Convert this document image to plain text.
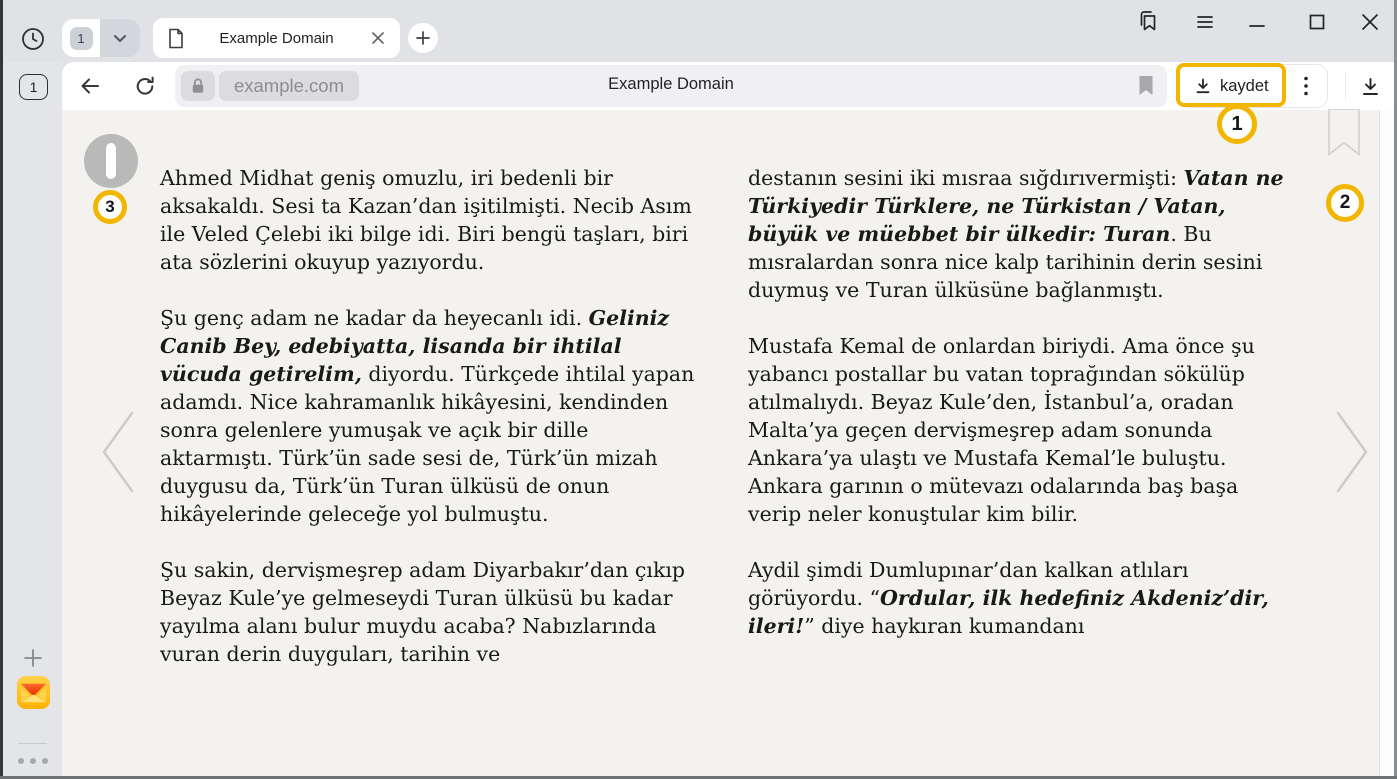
1	Example Domain
1	example.com	Example Domain	kaydet
3

Ahmed Midhat geniş omuzlu, iri bedenli bir aksakaldı. Sesi ta Kazan’dan işitilmişti. Necib Asım ile Veled Çelebi iki bilge idi. Biri bengü taşları, biri ata sözlerini okuyup yazıyordu.

Şu genç adam ne kadar da heyecanlı idi. Geliniz Canib Bey, edebiyatta, lisanda bir ihtilal vücuda getirelim, diyordu. Türkçede ihtilal yapan adamdı. Nice kahramanlık hikâyesini, kendinden sonra gelenlere yumuşak ve açık bir dille aktarmıştı. Türk’ün sade sesi de, Türk’ün mizah duygusu da, Türk’ün Turan ülküsü de onun hikâyelerinde geleceğe yol bulmuştu.

Şu sakin, dervişmeşrep adam Diyarbakır’dan çıkıp Beyaz Kule’ye gelmeseydi Turan ülküsü bu kadar yayılma alanı bulur muydu acaba? Nabızlarında vuran derin duyguları, tarihin ve

destanın sesini iki mısraa sığdırıvermişti: Vatan ne Türkiyedir Türklere, ne Türkistan / Vatan, büyük ve müebbet bir ülkedir: Turan. Bu mısralardan sonra nice kalp tarihinin derin sesini duymuş ve Turan ülküsüne bağlanmıştı.

Mustafa Kemal de onlardan biriydi. Ama önce şu yabancı postallar bu vatan toprağından sökülüp atılmalıydı. Beyaz Kule’den, İstanbul’a, oradan Malta’ya geçen dervişmeşrep adam sonunda Ankara’ya ulaştı ve Mustafa Kemal’le buluştu. Ankara garının o mütevazı odalarında baş başa verip neler konuştular kim bilir.

Aydil şimdi Dumlupınar’dan kalkan atlıları görüyordu. “Ordular, ilk hedefiniz Akdeniz’dir, ileri!” diye haykıran kumandanı

2
1
